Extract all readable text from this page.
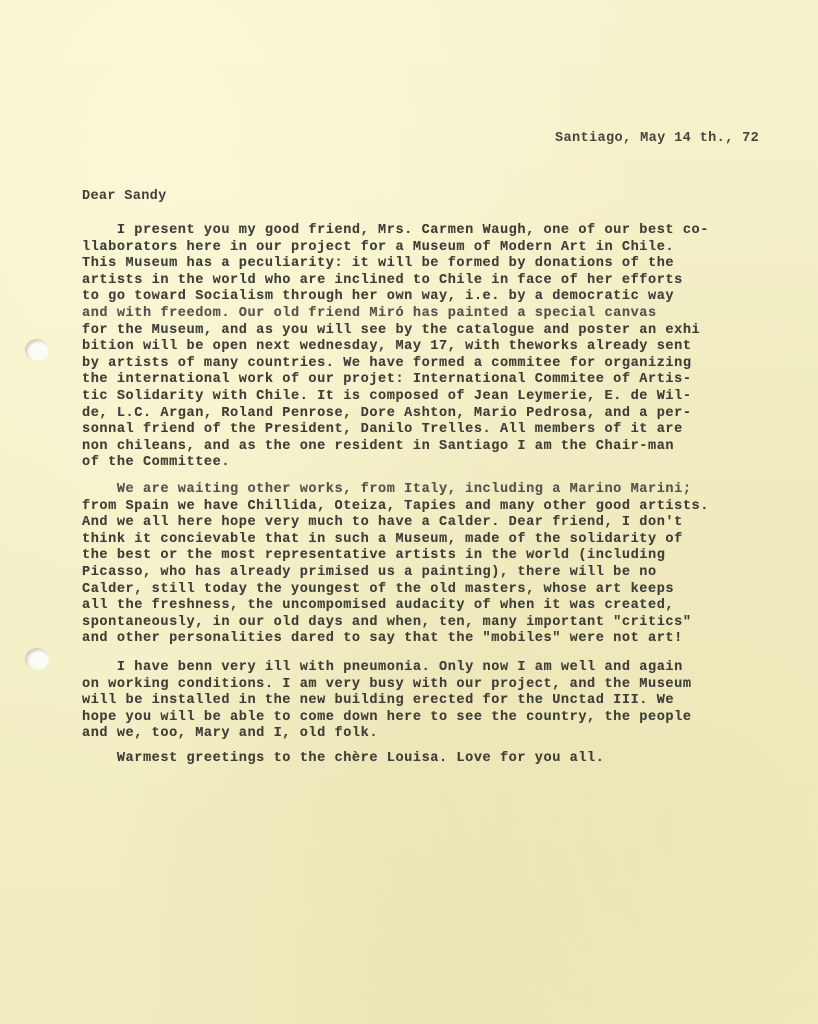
Santiago, May 14 th., 72
Dear Sandy
I present you my good friend, Mrs. Carmen Waugh, one of our best co-
llaborators here in our project for a Museum of Modern Art in Chile.
This Museum has a peculiarity: it will be formed by donations of the
artists in the world who are inclined to Chile in face of her efforts
to go toward Socialism through her own way, i.e. by a democratic way
and with freedom. Our old friend Miró has painted a special canvas
for the Museum, and as you will see by the catalogue and poster an exhi
bition will be open next wednesday, May 17, with theworks already sent
by artists of many countries. We have formed a commitee for organizing
the international work of our projet: International Commitee of Artis-
tic Solidarity with Chile. It is composed of Jean Leymerie, E. de Wil-
de, L.C. Argan, Roland Penrose, Dore Ashton, Mario Pedrosa, and a per-
sonnal friend of the President, Danilo Trelles. All members of it are
non chileans, and as the one resident in Santiago I am the Chair-man
of the Committee.
We are waiting other works, from Italy, including a Marino Marini;
from Spain we have Chillida, Oteiza, Tapies and many other good artists.
And we all here hope very much to have a Calder. Dear friend, I don't
think it concievable that in such a Museum, made of the solidarity of
the best or the most representative artists in the world (including
Picasso, who has already primised us a painting), there will be no
Calder, still today the youngest of the old masters, whose art keeps
all the freshness, the uncompomised audacity of when it was created,
spontaneously, in our old days and when, ten, many important "critics"
and other personalities dared to say that the "mobiles" were not art!
I have benn very ill with pneumonia. Only now I am well and again
on working conditions. I am very busy with our project, and the Museum
will be installed in the new building erected for the Unctad III. We
hope you will be able to come down here to see the country, the people
and we, too, Mary and I, old folk.
Warmest greetings to the chère Louisa. Love for you all.
